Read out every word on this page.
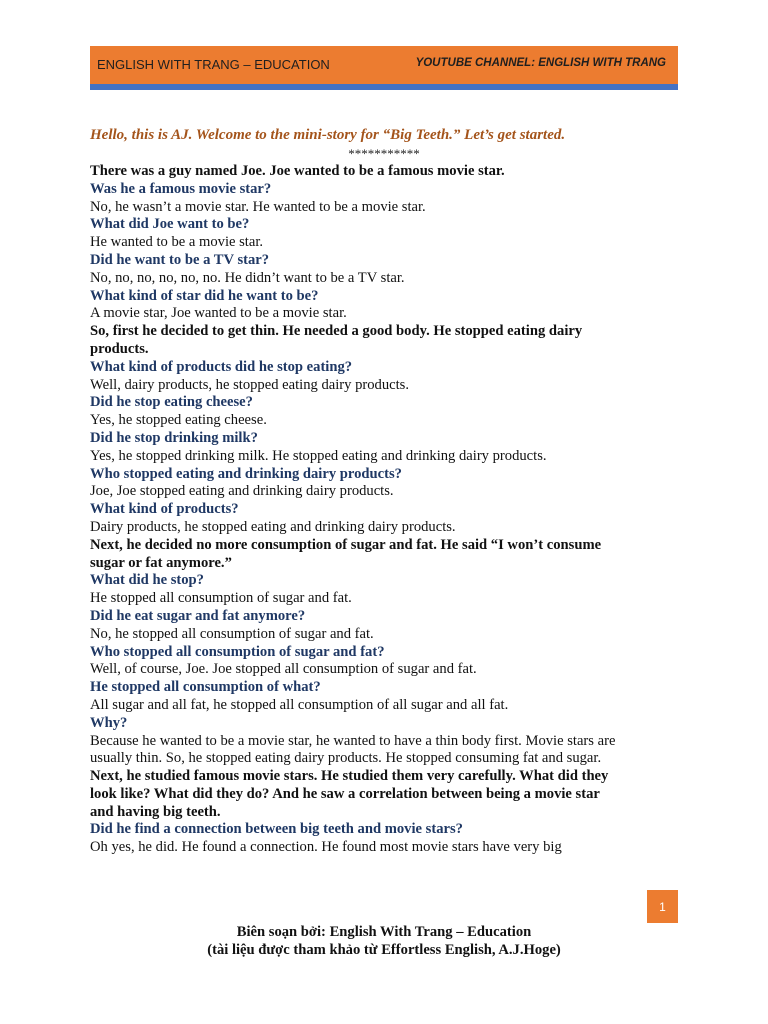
ENGLISH WITH TRANG – EDUCATION	YOUTUBE CHANNEL: ENGLISH WITH TRANG
Hello, this is AJ. Welcome to the mini-story for “Big Teeth.” Let’s get started.
***********

There was a guy named Joe. Joe wanted to be a famous movie star.

Was he a famous movie star?

No, he wasn’t a movie star. He wanted to be a movie star.

What did Joe want to be?

He wanted to be a movie star.

Did he want to be a TV star?

No, no, no, no, no, no. He didn’t want to be a TV star.

What kind of star did he want to be?

A movie star, Joe wanted to be a movie star.

So, first he decided to get thin. He needed a good body. He stopped eating dairy products.

What kind of products did he stop eating?

Well, dairy products, he stopped eating dairy products.

Did he stop eating cheese?

Yes, he stopped eating cheese.

Did he stop drinking milk?

Yes, he stopped drinking milk. He stopped eating and drinking dairy products.

Who stopped eating and drinking dairy products?

Joe, Joe stopped eating and drinking dairy products.

What kind of products?

Dairy products, he stopped eating and drinking dairy products.

Next, he decided no more consumption of sugar and fat. He said “I won’t consume sugar or fat anymore.”

What did he stop?

He stopped all consumption of sugar and fat.

Did he eat sugar and fat anymore?

No, he stopped all consumption of sugar and fat.

Who stopped all consumption of sugar and fat?

Well, of course, Joe. Joe stopped all consumption of sugar and fat.

He stopped all consumption of what?

All sugar and all fat, he stopped all consumption of all sugar and all fat.

Why?

Because he wanted to be a movie star, he wanted to have a thin body first. Movie stars are usually thin. So, he stopped eating dairy products. He stopped consuming fat and sugar.

Next, he studied famous movie stars. He studied them very carefully. What did they look like? What did they do? And he saw a correlation between being a movie star and having big teeth.

Did he find a connection between big teeth and movie stars?

Oh yes, he did. He found a connection. He found most movie stars have very big

1
Biên soạn bởi: English With Trang – Education
(tài liệu được tham khảo từ Effortless English, A.J.Hoge)
